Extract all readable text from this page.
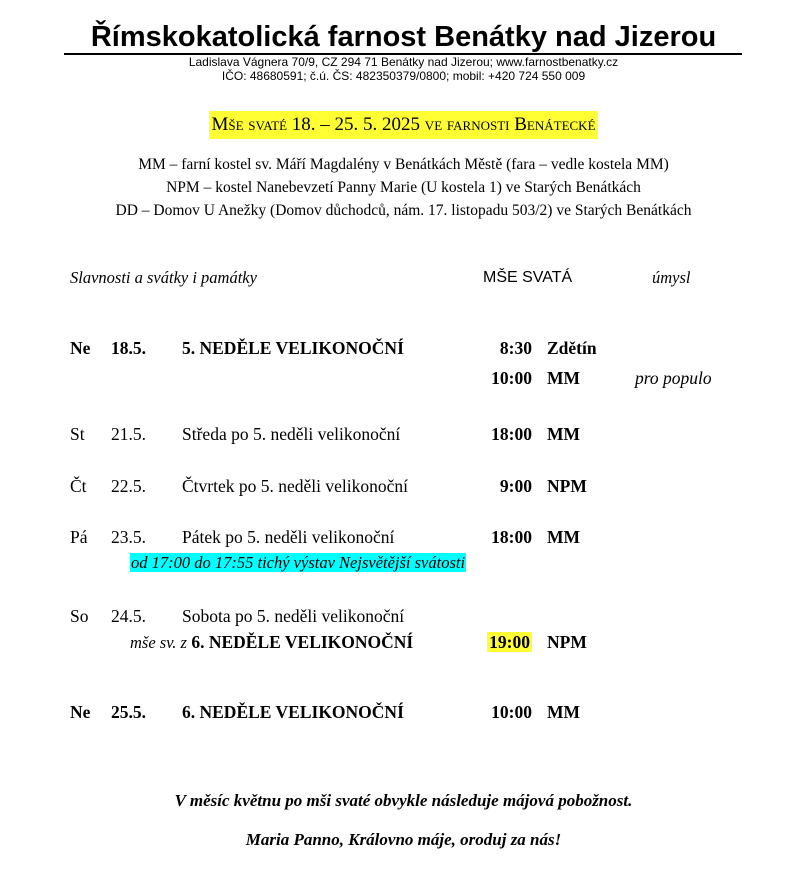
Římskokatolická farnost Benátky nad Jizerou
Ladislava Vágnera 70/9, CZ 294 71 Benátky nad Jizerou; www.farnostbenatky.cz
IČO: 48680591; č.ú. ČS: 482350379/0800; mobil: +420 724 550 009
Mše svaté 18. – 25. 5. 2025 ve farnosti Benátecké
MM – farní kostel sv. Máří Magdalény v Benátkách Městě (fara – vedle kostela MM)
NPM – kostel Nanebevzetí Panny Marie (U kostela 1) ve Starých Benátkách
DD – Domov U Anežky (Domov důchodců, nám. 17. listopadu 503/2) ve Starých Benátkách
Slavnosti a svátky i památky	MŠE SVATÁ	úmysl
Ne 18.5. 5. NEDĚLE VELIKONOČNÍ	8:30 Zdětín
10:00 MM	pro populo
St 21.5. Středa po 5. neděli velikonoční	18:00 MM
Čt 22.5. Čtvrtek po 5. neděli velikonoční	9:00 NPM
Pá 23.5. Pátek po 5. neděli velikonoční	18:00 MM
od 17:00 do 17:55 tichý výstav Nejsvětější svátosti
So 24.5. Sobota po 5. neděli velikonoční
mše sv. z 6. NEDĚLE VELIKONOČNÍ	19:00 NPM
Ne 25.5. 6. NEDĚLE VELIKONOČNÍ	10:00 MM
V měsíc květnu po mši svaté obvykle následuje májová pobožnost.
Maria Panno, Královno máje, oroduj za nás!
